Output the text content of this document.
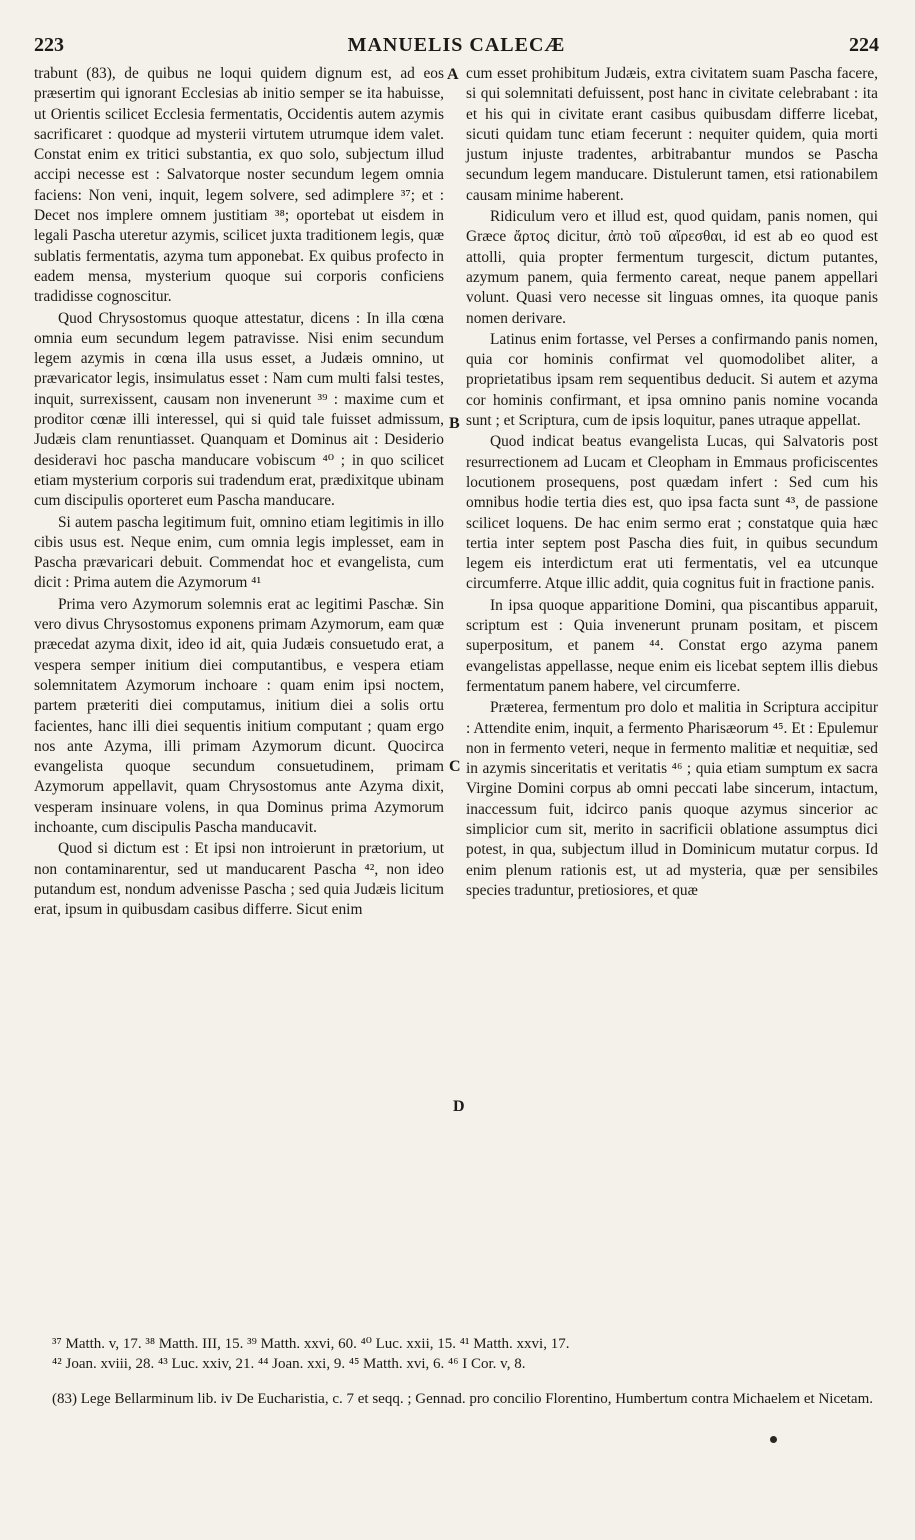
223	MANUELIS CALECÆ	224

trabunt (83), de quibus ne loqui quidem dignum est, ad eos præsertim qui ignorant Ecclesias ab initio semper se ita habuisse, ut Orientis scilicet Ecclesia fermentatis, Occidentis autem azymis sacrificaret : quodque ad mysterii virtutem utrumque idem valet. Constat enim ex tritici substantia, ex quo solo, subjectum illud accipi necesse est : Salvatorque noster secundum legem omnia faciens: Non veni, inquit, legem solvere, sed adimplere ³⁷; et : Decet nos implere omnem justitiam ³⁸; oportebat ut eisdem in legali Pascha uteretur azymis, scilicet juxta traditionem legis, quæ sublatis fermentatis, azyma tum apponebat. Ex quibus profecto in eadem mensa, mysterium quoque sui corporis conficiens tradidisse cognoscitur.

Quod Chrysostomus quoque attestatur, dicens : In illa cœna omnia eum secundum legem patravisse. Nisi enim secundum legem azymis in cœna illa usus esset, a Judæis omnino, ut prævaricator legis, insimulatus esset : Nam cum multi falsi testes, inquit, surrexissent, causam non invenerunt ³⁹ : maxime cum et proditor cœnæ illi interessel, qui si quid tale fuisset admissum, Judæis clam renuntiasset. Quanquam et Dominus ait : Desiderio desideravi hoc pascha manducare vobiscum ⁴⁰ ; in quo scilicet etiam mysterium corporis sui tradendum erat, prædixitque ubinam cum discipulis oporteret eum Pascha manducare.

Si autem pascha legitimum fuit, omnino etiam legitimis in illo cibis usus est. Neque enim, cum omnia legis implesset, eam in Pascha prævaricari debuit. Commendat hoc et evangelista, cum dicit : Prima autem die Azymorum ⁴¹

Prima vero Azymorum solemnis erat ac legitimi Paschæ. Sin vero divus Chrysostomus exponens primam Azymorum, eam quæ præcedat azyma dixit, ideo id ait, quia Judæis consuetudo erat, a vespera semper initium diei computantibus, e vespera etiam solemnitatem Azymorum inchoare : quam enim ipsi noctem, partem præteriti diei computamus, initium diei a solis ortu facientes, hanc illi diei sequentis initium computant ; quam ergo nos ante Azyma, illi primam Azymorum dicunt. Quocirca evangelista quoque secundum consuetudinem, primam Azymorum appellavit, quam Chrysostomus ante Azyma dixit, vesperam insinuare volens, in qua Dominus prima Azymorum inchoante, cum discipulis Pascha manducavit.

Quod si dictum est : Et ipsi non introierunt in prætorium, ut non contaminarentur, sed ut manducarent Pascha ⁴², non ideo putandum est, nondum advenisse Pascha ; sed quia Judæis licitum erat, ipsum in quibusdam casibus differre. Sicut enim

A
B
C
D

cum esset prohibitum Judæis, extra civitatem suam Pascha facere, si qui solemnitati defuissent, post hanc in civitate celebrabant : ita et his qui in civitate erant casibus quibusdam differre licebat, sicuti quidam tunc etiam fecerunt : nequiter quidem, quia morti justum injuste tradentes, arbitrabantur mundos se Pascha secundum legem manducare. Distulerunt tamen, etsi rationabilem causam minime haberent.

Ridiculum vero et illud est, quod quidam, panis nomen, qui Græce ἄρτος dicitur, ἀπὸ τοῦ αἴρεσθαι, id est ab eo quod est attolli, quia propter fermentum turgescit, dictum putantes, azymum panem, quia fermento careat, neque panem appellari volunt. Quasi vero necesse sit linguas omnes, ita quoque panis nomen derivare.

Latinus enim fortasse, vel Perses a confirmando panis nomen, quia cor hominis confirmat vel quomodolibet aliter, a proprietatibus ipsam rem sequentibus deducit. Si autem et azyma cor hominis confirmant, et ipsa omnino panis nomine vocanda sunt ; et Scriptura, cum de ipsis loquitur, panes utraque appellat.

Quod indicat beatus evangelista Lucas, qui Salvatoris post resurrectionem ad Lucam et Cleopham in Emmaus proficiscentes locutionem prosequens, post quædam infert : Sed cum his omnibus hodie tertia dies est, quo ipsa facta sunt ⁴³, de passione scilicet loquens. De hac enim sermo erat ; constatque quia hæc tertia inter septem post Pascha dies fuit, in quibus secundum legem eis interdictum erat uti fermentatis, vel ea utcunque circumferre. Atque illic addit, quia cognitus fuit in fractione panis.

In ipsa quoque apparitione Domini, qua piscantibus apparuit, scriptum est : Quia invenerunt prunam positam, et piscem superpositum, et panem ⁴⁴. Constat ergo azyma panem evangelistas appellasse, neque enim eis licebat septem illis diebus fermentatum panem habere, vel circumferre.

Præterea, fermentum pro dolo et malitia in Scriptura accipitur : Attendite enim, inquit, a fermento Pharisæorum ⁴⁵. Et : Epulemur non in fermento veteri, neque in fermento malitiæ et nequitiæ, sed in azymis sinceritatis et veritatis ⁴⁶ ; quia etiam sumptum ex sacra Virgine Domini corpus ab omni peccati labe sincerum, intactum, inaccessum fuit, idcirco panis quoque azymus sincerior ac simplicior cum sit, merito in sacrificii oblatione assumptus dici potest, in qua, subjectum illud in Dominicum mutatur corpus. Id enim plenum rationis est, ut ad mysteria, quæ per sensibiles species traduntur, pretiosiores, et quæ

³⁷ Matth. v, 17. ³⁸ Matth. III, 15. ³⁹ Matth. xxvi, 60. ⁴⁰ Luc. xxii, 15. ⁴¹ Matth. xxvi, 17.

⁴² Joan. xviii, 28. ⁴³ Luc. xxiv, 21. ⁴⁴ Joan. xxi, 9. ⁴⁵ Matth. xvi, 6. ⁴⁶ I Cor. v, 8.

(83) Lege Bellarminum lib. iv De Eucharistia, c. 7 et seqq. ; Gennad. pro concilio Florentino, Humbertum contra Michaelem et Nicetam.
